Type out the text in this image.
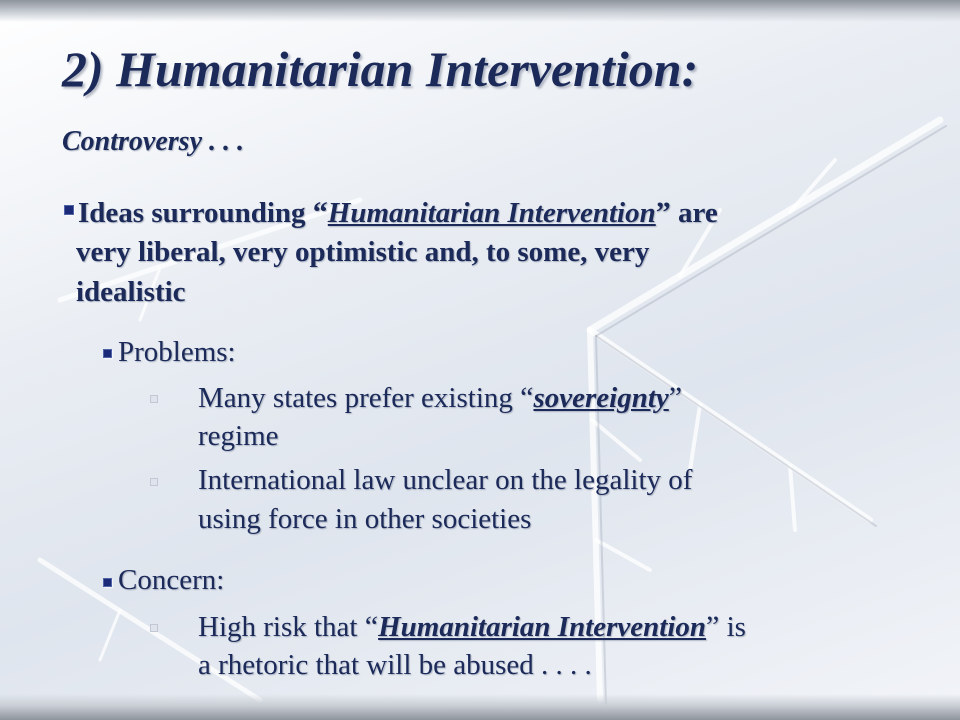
2) Humanitarian Intervention:
Controversy . . .
Ideas surrounding “Humanitarian Intervention” are
very liberal, very optimistic and, to some, very
idealistic
Problems:
Many states prefer existing “sovereignty”
regime
International law unclear on the legality of
using force in other societies
Concern:
High risk that “Humanitarian Intervention” is
a rhetoric that will be abused . . . .
